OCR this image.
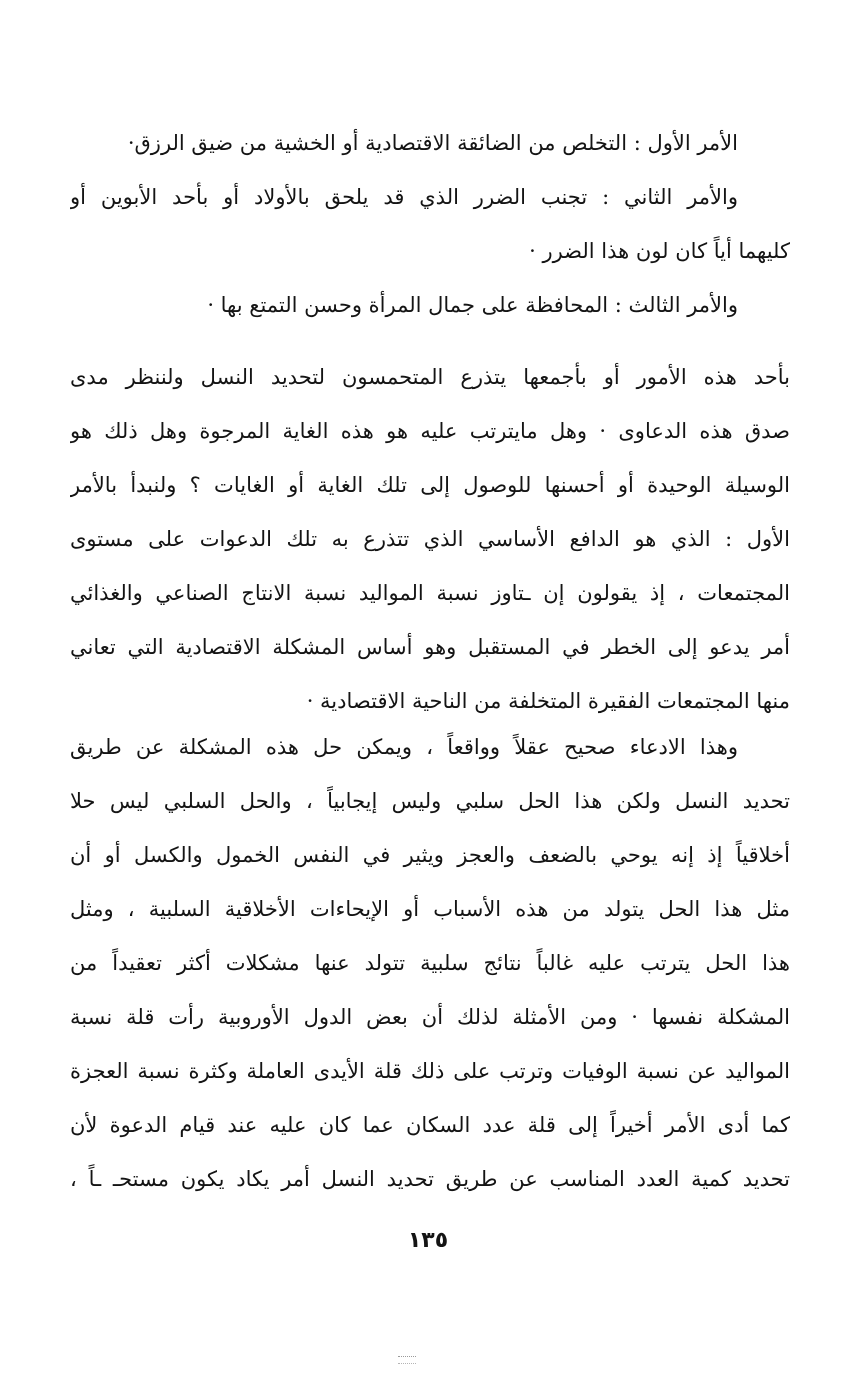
الأمر الأول : التخلص من الضائقة الاقتصادية أو الخشية من ضيق الرزق·
والأمر الثاني : تجنب الضرر الذي قد يلحق بالأولاد أو بأحد الأبوين أو
كليهما أياً كان لون هذا الضرر ·
والأمر الثالث : المحافظة على جمال المرأة وحسن التمتع بها ·
بأحد هذه الأمور أو بأجمعها يتذرع المتحمسون لتحديد النسل ولننظر مدى
صدق هذه الدعاوى · وهل مايترتب عليه هو هذه الغاية المرجوة وهل ذلك هو
الوسيلة الوحيدة أو أحسنها للوصول إلى تلك الغاية أو الغايات ؟ ولنبدأ بالأمر
الأول : الذي هو الدافع الأساسي الذي تتذرع به تلك الدعوات على مستوى
المجتمعات ، إذ يقولون إن ـتاوز نسبة المواليد نسبة الانتاج الصناعي والغذائي
أمر يدعو إلى الخطر في المستقبل وهو أساس المشكلة الاقتصادية التي تعاني
منها المجتمعات الفقيرة المتخلفة من الناحية الاقتصادية ·
وهذا الادعاء صحيح عقلاً وواقعاً ، ويمكن حل هذه المشكلة عن طريق
تحديد النسل ولكن هذا الحل سلبي وليس إيجابياً ، والحل السلبي ليس حلا
أخلاقياً إذ إنه يوحي بالضعف والعجز ويثير في النفس الخمول والكسل أو أن
مثل هذا الحل يتولد من هذه الأسباب أو الإيحاءات الأخلاقية السلبية ، ومثل
هذا الحل يترتب عليه غالباً نتائج سلبية تتولد عنها مشكلات أكثر تعقيداً من
المشكلة نفسها · ومن الأمثلة لذلك أن بعض الدول الأوروبية رأت قلة نسبة
المواليد عن نسبة الوفيات وترتب على ذلك قلة الأيدى العاملة وكثرة نسبة العجزة
كما أدى الأمر أخيراً إلى قلة عدد السكان عما كان عليه عند قيام الدعوة لأن
تحديد كمية العدد المناسب عن طريق تحديد النسل أمر يكاد يكون مستحـ ـاً ،
١٣٥
